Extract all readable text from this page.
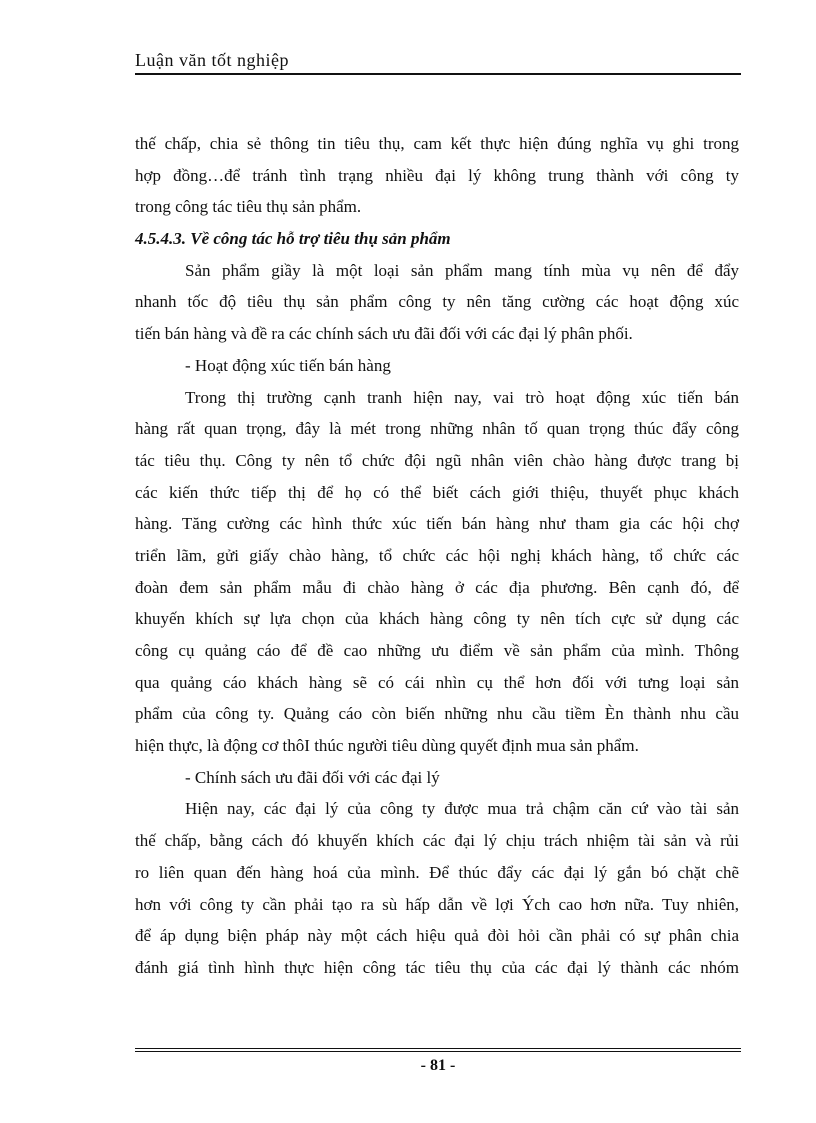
Luận văn tốt nghiệp
thế chấp, chia sẻ thông tin tiêu thụ, cam kết thực hiện đúng nghĩa vụ ghi trong
hợp đồng…để tránh tình trạng nhiều đại lý không trung thành với công ty
trong công tác tiêu thụ sản phẩm.
4.5.4.3. Về công tác hỗ trợ tiêu thụ sản phẩm
Sản phẩm giầy là một loại sản phẩm mang tính mùa vụ nên để đẩy
nhanh tốc độ tiêu thụ sản phẩm công ty nên tăng cường các hoạt động xúc
tiến bán hàng và đề ra các chính sách ưu đãi đối với các đại lý phân phối.
- Hoạt động xúc tiến bán hàng
Trong thị trường cạnh tranh hiện nay, vai trò hoạt động xúc tiến bán
hàng rất quan trọng, đây là mét trong những nhân tố quan trọng thúc đẩy công
tác tiêu thụ. Công ty nên tổ chức đội ngũ nhân viên chào hàng được trang bị
các kiến thức tiếp thị để họ có thể biết cách giới thiệu, thuyết phục khách
hàng. Tăng cường các hình thức xúc tiến bán hàng như tham gia các hội chợ
triển lãm, gửi giấy chào hàng, tổ chức các hội nghị khách hàng, tổ chức các
đoàn đem sản phẩm mẫu đi chào hàng ở các địa phương. Bên cạnh đó, để
khuyến khích sự lựa chọn của khách hàng công ty nên tích cực sử dụng các
công cụ quảng cáo để đề cao những ưu điểm về sản phẩm của mình. Thông
qua quảng cáo khách hàng sẽ có cái nhìn cụ thể hơn đối với tưng loại sản
phẩm của công ty. Quảng cáo còn biến những nhu cầu tiềm Èn thành nhu cầu
hiện thực, là động cơ thôI thúc người tiêu dùng quyết định mua sản phẩm.
- Chính sách ưu đãi đối với các đại lý
Hiện nay, các đại lý của công ty được mua trả chậm căn cứ vào tài sản
thế chấp, bằng cách đó khuyến khích các đại lý chịu trách nhiệm tài sản và rủi
ro liên quan đến hàng hoá của mình. Để thúc đẩy các đại lý gắn bó chặt chẽ
hơn với công ty cần phải tạo ra sù hấp dẫn về lợi Ých cao hơn nữa. Tuy nhiên,
để áp dụng biện pháp này một cách hiệu quả đòi hỏi cần phải có sự phân chia
đánh giá tình hình thực hiện công tác tiêu thụ của các đại lý thành các nhóm
- 81 -
